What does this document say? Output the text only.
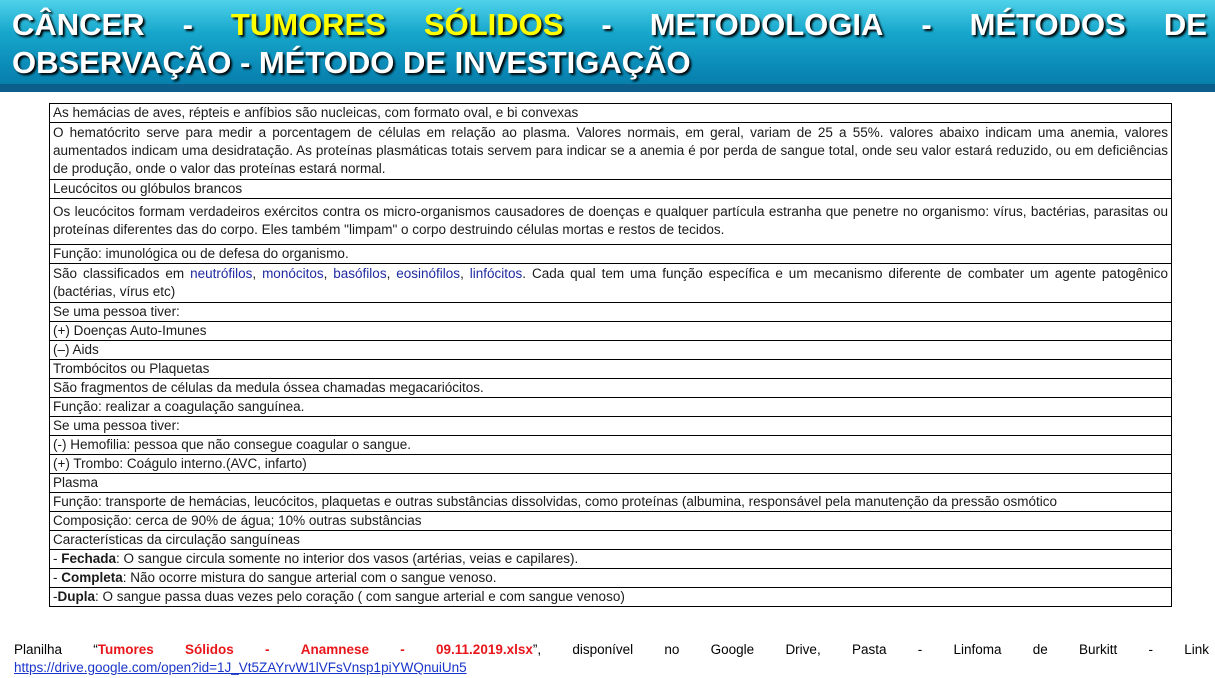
CÂNCER - TUMORES SÓLIDOS - METODOLOGIA - MÉTODOS DE
OBSERVAÇÃO - MÉTODO DE INVESTIGAÇÃO
As hemácias de aves, répteis e anfíbios são nucleicas, com formato oval, e bi convexas
O hematócrito serve para medir a porcentagem de células em relação ao plasma. Valores normais, em geral, variam de 25 a 55%. valores abaixo indicam uma anemia, valores aumentados indicam uma desidratação. As proteínas plasmáticas totais servem para indicar se a anemia é por perda de sangue total, onde seu valor estará reduzido, ou em deficiências de produção, onde o valor das proteínas estará normal.
Leucócitos ou glóbulos brancos
Os leucócitos formam verdadeiros exércitos contra os micro-organismos causadores de doenças e qualquer partícula estranha que penetre no organismo: vírus, bactérias, parasitas ou proteínas diferentes das do corpo. Eles também "limpam" o corpo destruindo células mortas e restos de tecidos.
Função: imunológica ou de defesa do organismo.
São classificados em neutrófilos, monócitos, basófilos, eosinófilos, linfócitos. Cada qual tem uma função específica e um mecanismo diferente de combater um agente patogênico (bactérias, vírus etc)
Se uma pessoa tiver:
(+) Doenças Auto-Imunes
(–) Aids
Trombócitos ou Plaquetas
São fragmentos de células da medula óssea chamadas megacariócitos.
Função: realizar a coagulação sanguínea.
Se uma pessoa tiver:
(-) Hemofilia: pessoa que não consegue coagular o sangue.
(+) Trombo: Coágulo interno.(AVC, infarto)
Plasma
Função: transporte de hemácias, leucócitos, plaquetas e outras substâncias dissolvidas, como proteínas (albumina, responsável pela manutenção da pressão osmótico
Composição: cerca de 90% de água; 10% outras substâncias
Características da circulação sanguíneas
- Fechada: O sangue circula somente no interior dos vasos (artérias, veias e capilares).
- Completa: Não ocorre mistura do sangue arterial com o sangue venoso.
-Dupla: O sangue passa duas vezes pelo coração ( com sangue arterial e com sangue venoso)
Planilha “Tumores Sólidos - Anamnese - 09.11.2019.xlsx”, disponível no Google Drive, Pasta - Linfoma de Burkitt - Link
https://drive.google.com/open?id=1J_Vt5ZAYrvW1lVFsVnsp1piYWQnuiUn5
